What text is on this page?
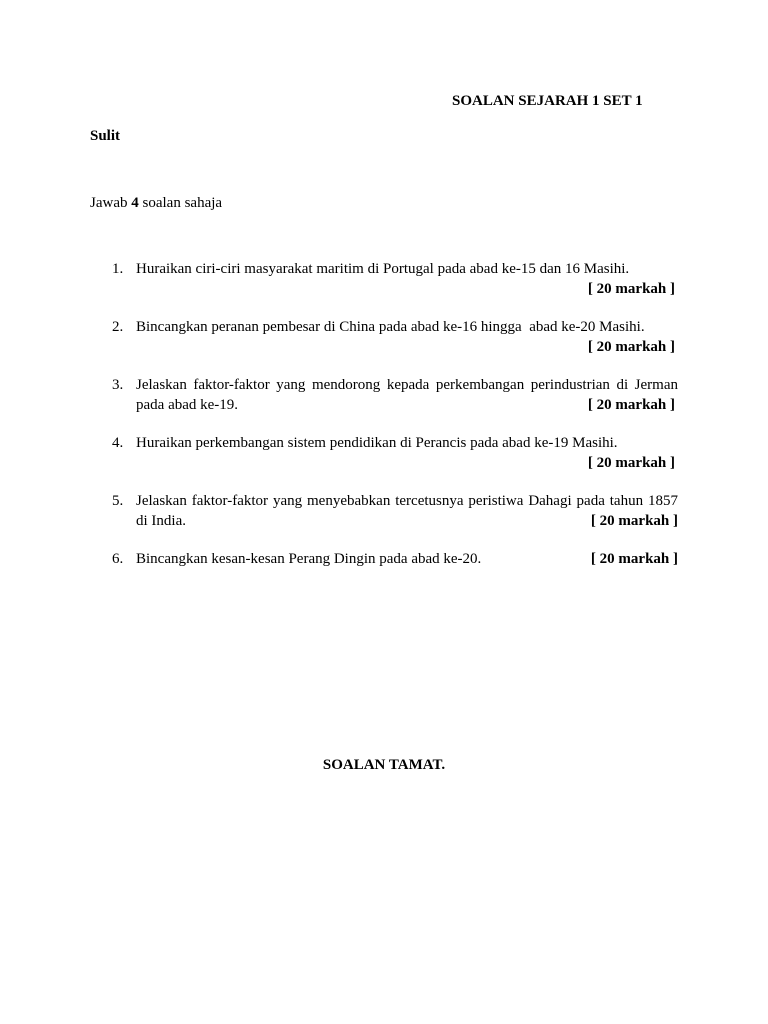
SOALAN SEJARAH 1 SET 1
Sulit
Jawab 4 soalan sahaja
1. Huraikan ciri-ciri masyarakat maritim di Portugal pada abad ke-15 dan 16 Masihi.
[ 20 markah ]
2. Bincangkan peranan pembesar di China pada abad ke-16 hingga  abad ke-20 Masihi.
[ 20 markah ]
3. Jelaskan faktor-faktor yang mendorong kepada perkembangan perindustrian di Jerman
pada abad ke-19.	[ 20 markah ]
4. Huraikan perkembangan sistem pendidikan di Perancis pada abad ke-19 Masihi.
[ 20 markah ]
5. Jelaskan faktor-faktor yang menyebabkan tercetusnya peristiwa Dahagi pada tahun 1857
di India.	[ 20 markah ]
6. Bincangkan kesan-kesan Perang Dingin pada abad ke-20.	[ 20 markah ]
SOALAN TAMAT.
